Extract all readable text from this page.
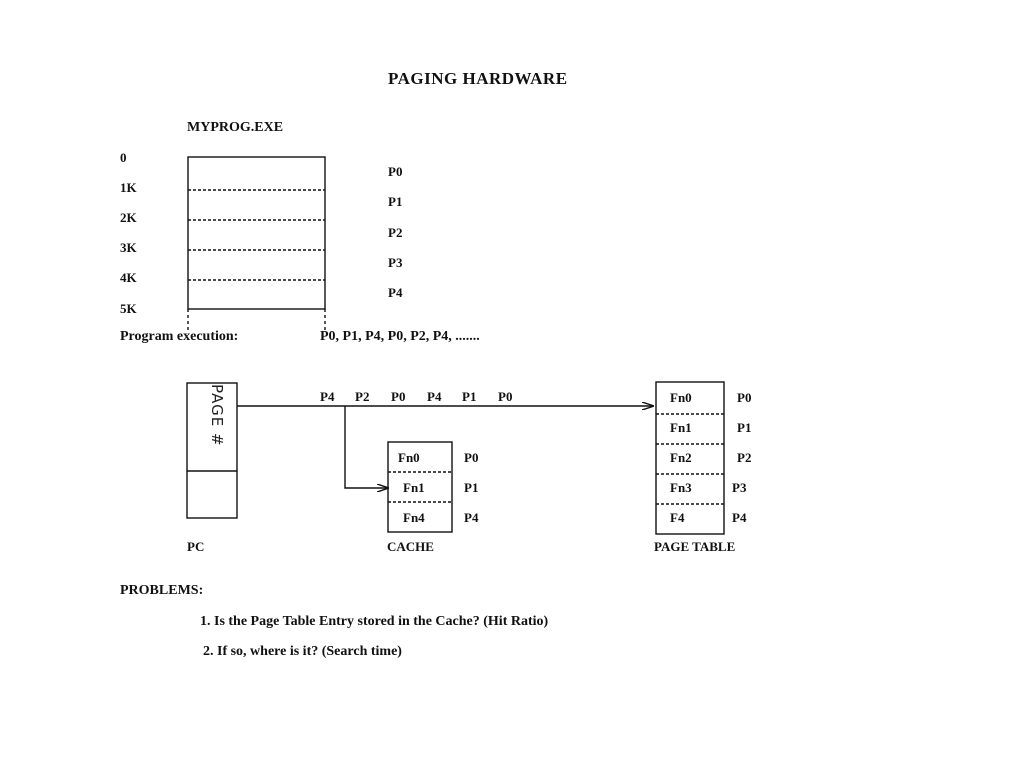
PAGING HARDWARE
MYPROG.EXE
0
1K
2K
3K
4K
5K
P0
P1
P2
P3
P4
Program execution:	P0, P1, P4, P0, P2, P4, .......
PAGE #
PC
P4 P2 P0 P4 P1 P0
Fn0
Fn1
Fn4
P0
P1
P4
CACHE
Fn0
Fn1
Fn2
Fn3
F4
P0
P1
P2
P3
P4
PAGE TABLE
PROBLEMS:
1. Is the Page Table Entry stored in the Cache? (Hit Ratio)
2. If so, where is it? (Search time)
